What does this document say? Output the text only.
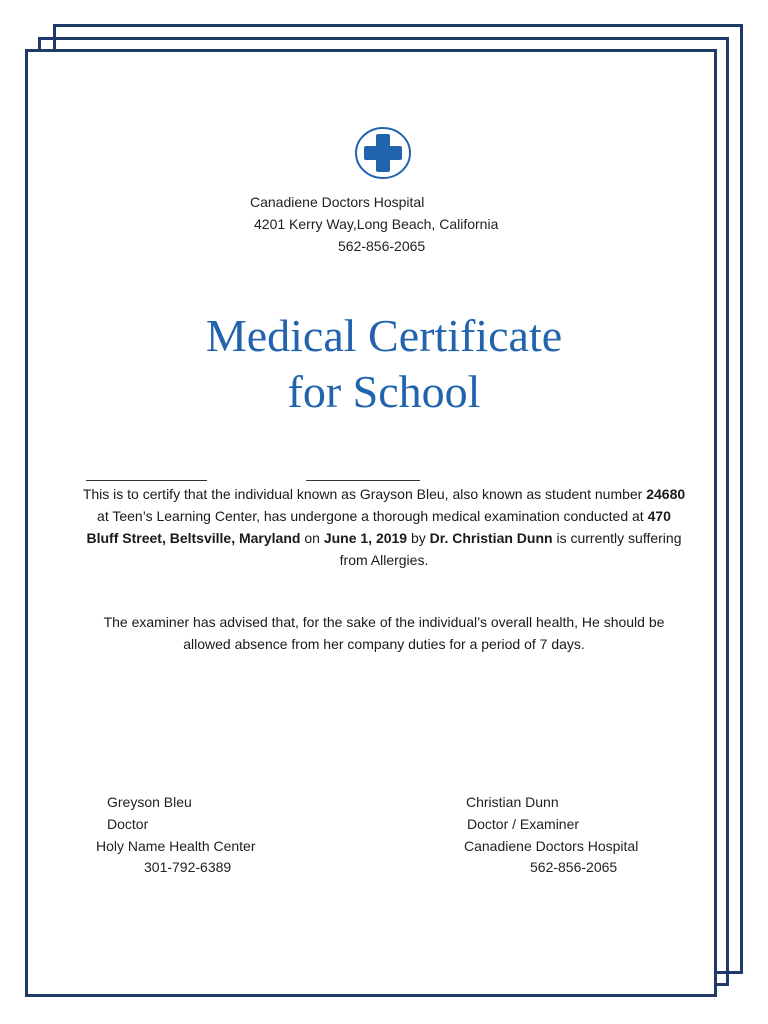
Canadiene Doctors Hospital
4201 Kerry Way,Long Beach, California
562-856-2065
Medical Certificate
for School
This is to certify that the individual known as Grayson Bleu, also known as student number 24680 at Teen’s Learning Center, has undergone a thorough medical examination conducted at 470 Bluff Street, Beltsville, Maryland on June 1, 2019 by Dr. Christian Dunn is currently suffering from Allergies.
The examiner has advised that, for the sake of the individual’s overall health, He should be allowed absence from her company duties for a period of 7 days.
Greyson Bleu
Doctor
Holy Name Health Center
301-792-6389
Christian Dunn
Doctor / Examiner
Canadiene Doctors Hospital
562-856-2065
